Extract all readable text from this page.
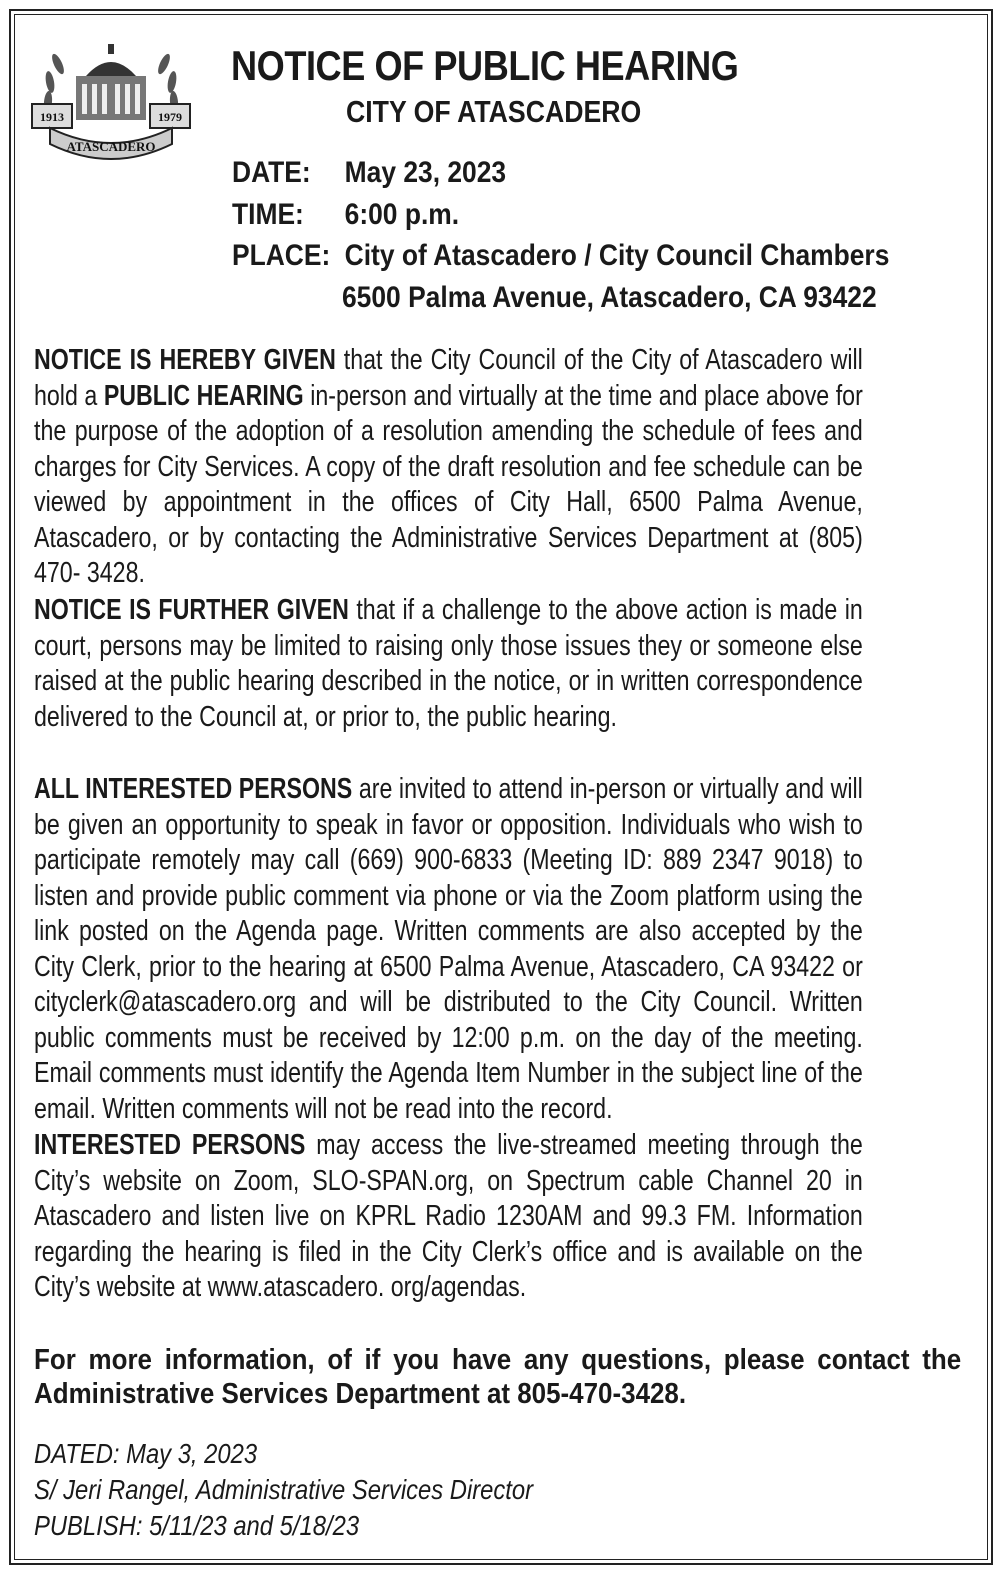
1913	1979
ATASCADERO
NOTICE OF PUBLIC HEARING
CITY OF ATASCADERO
DATE: May 23, 2023
TIME: 6:00 p.m.
PLACE: City of Atascadero / City Council Chambers
6500 Palma Avenue, Atascadero, CA 93422
NOTICE IS HEREBY GIVEN that the City Council of the City of Atascadero will hold a PUBLIC HEARING in-person and virtually at the time and place above for the purpose of the adoption of a resolution amending the schedule of fees and charges for City Services. A copy of the draft resolution and fee schedule can be viewed by appointment in the offices of City Hall, 6500 Palma Avenue, Atascadero, or by contacting the Administrative Services Department at (805) 470- 3428.
NOTICE IS FURTHER GIVEN that if a challenge to the above action is made in court, persons may be limited to raising only those issues they or someone else raised at the public hearing described in the notice, or in written correspondence delivered to the Council at, or prior to, the public hearing.
ALL INTERESTED PERSONS are invited to attend in-person or virtually and will be given an opportunity to speak in favor or opposition. Individuals who wish to participate remotely may call (669) 900-6833 (Meeting ID: 889 2347 9018) to listen and provide public comment via phone or via the Zoom platform using the link posted on the Agenda page. Written comments are also accepted by the City Clerk, prior to the hearing at 6500 Palma Avenue, Atascadero, CA 93422 or cityclerk@atascadero.org and will be distributed to the City Council. Written public comments must be received by 12:00 p.m. on the day of the meeting. Email comments must identify the Agenda Item Number in the subject line of the email. Written comments will not be read into the record.
INTERESTED PERSONS may access the live-streamed meeting through the City’s website on Zoom, SLO-SPAN.org, on Spectrum cable Channel 20 in Atascadero and listen live on KPRL Radio 1230AM and 99.3 FM. Information regarding the hearing is filed in the City Clerk’s office and is available on the City’s website at www.atascadero. org/agendas.
For more information, of if you have any questions, please contact the Administrative Services Department at 805-470-3428.
DATED: May 3, 2023
S/ Jeri Rangel, Administrative Services Director
PUBLISH: 5/11/23 and 5/18/23
